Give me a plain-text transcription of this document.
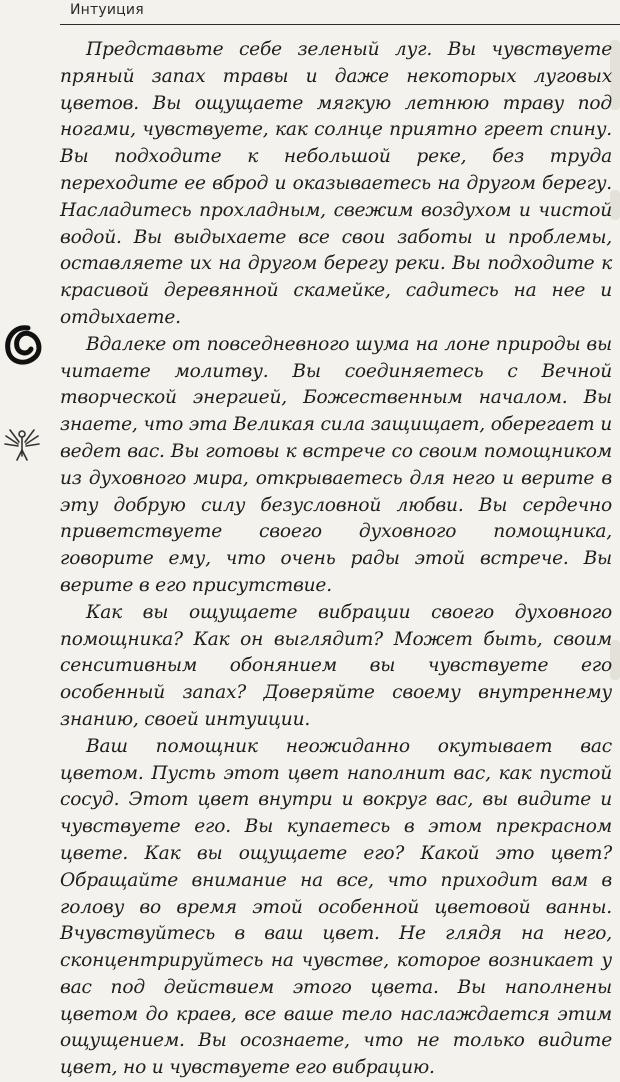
Интуиция

Представьте себе зеленый луг. Вы чувствуете пряный запах травы и даже некоторых луговых цветов. Вы ощущаете мягкую летнюю траву под ногами, чувствуете, как солнце приятно греет спину. Вы подходите к небольшой реке, без труда переходите ее вброд и оказываетесь на другом берегу. Насладитесь прохладным, свежим воздухом и чистой водой. Вы выдыхаете все свои заботы и проблемы, оставляете их на другом берегу реки. Вы подходите к красивой деревянной скамейке, садитесь на нее и отдыхаете.

Вдалеке от повседневного шума на лоне природы вы читаете молитву. Вы соединяетесь с Вечной творческой энергией, Божественным началом. Вы знаете, что эта Великая сила защищает, оберегает и ведет вас. Вы готовы к встрече со своим помощником из духовного мира, открываетесь для него и верите в эту добрую силу безусловной любви. Вы сердечно приветствуете своего духовного помощника, говорите ему, что очень рады этой встрече. Вы верите в его присутствие.

Как вы ощущаете вибрации своего духовного помощника? Как он выглядит? Может быть, своим сенситивным обонянием вы чувствуете его особенный запах? Доверяйте своему внутреннему знанию, своей интуиции.

Ваш помощник неожиданно окутывает вас цветом. Пусть этот цвет наполнит вас, как пустой сосуд. Этот цвет внутри и вокруг вас, вы видите и чувствуете его. Вы купаетесь в этом прекрасном цвете. Как вы ощущаете его? Какой это цвет? Обращайте внимание на все, что приходит вам в голову во время этой особенной цветовой ванны. Вчувствуйтесь в ваш цвет. Не глядя на него, сконцентрируйтесь на чувстве, которое возникает у вас под действием этого цвета. Вы наполнены цветом до краев, все ваше тело наслаждается этим ощущением. Вы осознаете, что не только видите цвет, но и чувствуете его вибрацию.
